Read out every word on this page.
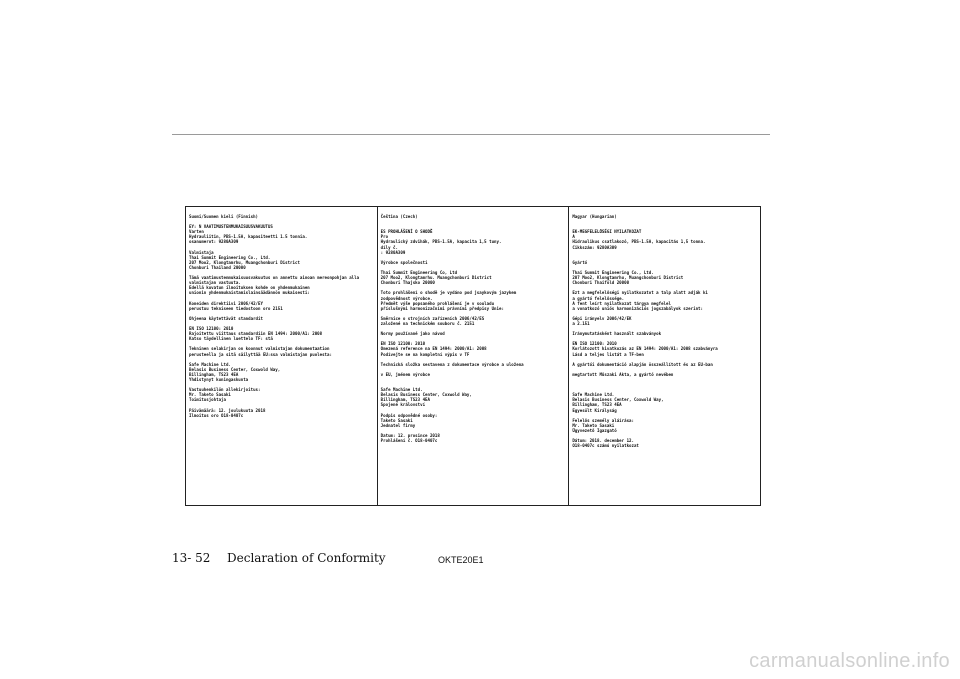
Suomi/Suomen kieli (Finnish)
EY: N VAATIMUSTENMUKAISUUSVAKUUTUS
Varten
Hydrauliitin, PBS-1.5A, kapasiteetti 1.5 tonnia.
osanumerot: 9280A309
Valmistaja
Thai Summit Engineering Co., Ltd.
207 Moo2, Klongtamrhu, Muangchonburi District
Chonburi Thailand 20000
Tämä vaatimustenmukaisuusvakuutus on annettu ainoan mereonpohjan alla
valmistajan vastuuta.
Edellä kuvatun ilmoituksen kohde on yhdenmukainen
unionin yhdenmukaistamislainsäädännön mukaisesti:
Koneiden direktiivi 2006/42/EY
perustuu tekniseen tiedostoon oro 2151
Ohjeena käytettävät standardit
EN ISO 12100: 2010
Rajoitettu viittaus standardiin EN 1494: 2000/A1: 2008
Katso täydellinen luettelo TF: stä
Tekninen selakirjan on koonnut valmistajan dokumentaation
perusteella ja sitä säilyttää EU:ssa valmistajan puolesta:
Safe Machine Ltd.
Belasis Business Center, Coxwold Way,
Billingham, TS23 4EA
Yhdistynyt kuningaskunta
Vastuuhenkilön allekirjoitus:
Mr. Taketo Sasaki
Toimitusjohtaja
Päivämäärä: 12. joulukuuta 2018
Ilmoitus oro O18-0407c
Čeština (Czech)
ES PROHLÁŠENÍ O SHODĚ
Pro
Hydraulický zdvihák, PBS-1.5A, kapacita 1,5 tuny.
díly č.
: 9280A309
Výrobce společnosti
Thai Summit Engineering Co, Ltd
207 Moo2, Klongtamrhu. Muangchonburi District
Chonburi Thajsko 20000
Toto prohlášení o shodě je vydáno pod jsaykovým jazykem
zodpovědnost výrobce.
Předmět výše popsaného prohlášení je v souladu
příslušnými harmonizačními právními předpisy Unie:
Směrnice o strojních zařízeních 2006/42/ES
založené na technickém souboru č. 2151
Normy používané jako návod
EN ISO 12100: 2010
Omezená reference na EN 1494: 2000/A1: 2008
Podívejte se na kompletní výpis v TF
Technická složka sestavena z dokumentace výrobce a uložena
v EU, jménem výrobce
Safe Machine Ltd.
Belasis Business Center, Coxwold Way,
Billingham, TS23 4EA
Spojené království
Podpis odpovědné osoby:
Taketo Sasaki
Jednatel firmy
Datum: 12. prosince 2018
Prohlášení č. O18-0407c
Magyar (Hungarian)
EK-MEGFELELŐSÉGI NYILATKOZAT
A
Hidraulikus csatlakozó, PBS-1.5A, kapacitás 1,5 tonna.
Cikkszám: 9280A309
Gyártó
Thai Summit Engineering Co., Ltd.
207 Moo2, Klongtamrhu, Muangchonburi District
Chonburi Thaiföld 20000
Ezt a megfelelőségi nyilatkozatot a talp alatt adják ki
a gyártó felelőssége.
A fent leírt nyilatkozat tárgya megfelel
a vonatkozó uniós harmonizációs jogszabályok szerint:
Gépi irányelv 2006/42/EK
a 2.151
Iránymutatásként használt szabványok
EN ISO 12100: 2010
Korlátozott hivatkozás az EN 1494: 2000/A1: 2008 szabványra
Lásd a teljes listát a TF-ben
A gyártói dokumentáció alapján összeállított és az EU-ban
megtartott Műszaki Akta, a gyártó nevében
Safe Machine Ltd.
Belasis Business Center, Coxwold Way,
Billingham, TS23 4EA
Egyesült Királyság
Felelős személy aláírása:
Mr. Taketo Sasaki
Ügyvezető Igazgató
Dátum: 2018. december 12.
O18-0407c számú nyilatkozat
13- 52 Declaration of Conformity	OKTE20E1
carmanualsonline.info
